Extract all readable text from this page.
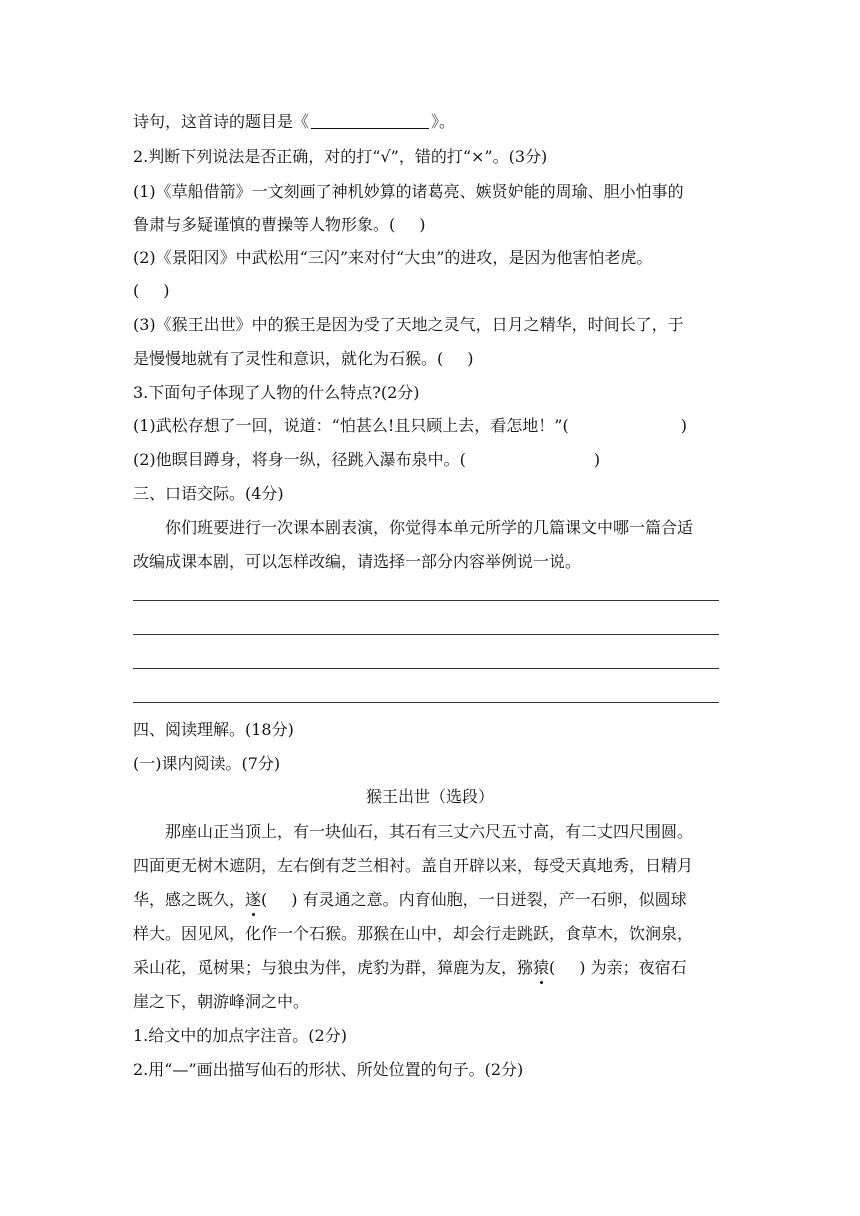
诗句，这首诗的题目是《	》。
2.判断下列说法是否正确，对的打“√”，错的打“×”。(3分)
(1)《草船借箭》一文刻画了神机妙算的诸葛亮、嫉贤妒能的周瑜、胆小怕事的
鲁肃与多疑谨慎的曹操等人物形象。(　 )
(2)《景阳冈》中武松用“三闪”来对付“大虫”的进攻，是因为他害怕老虎。
(　 )
(3)《猴王出世》中的猴王是因为受了天地之灵气，日月之精华，时间长了，于
是慢慢地就有了灵性和意识，就化为石猴。(　 )
3.下面句子体现了人物的什么特点?(2分)
(1)武松存想了一回，说道：“怕甚么!且只顾上去，看怎地！”(　　　　　　　)
(2)他瞑目蹲身，将身一纵，径跳入瀑布泉中。(　　　　　　　　)
三、口语交际。(4分)
你们班要进行一次课本剧表演，你觉得本单元所学的几篇课文中哪一篇合适
改编成课本剧，可以怎样改编，请选择一部分内容举例说一说。
四、阅读理解。(18分)
(一)课内阅读。(7分)
猴王出世（选段）
那座山正当顶上，有一块仙石，其石有三丈六尺五寸高，有二丈四尺围圆。
四面更无树木遮阴，左右倒有芝兰相衬。盖自开辟以来，每受天真地秀，日精月
华，感之既久，遂(　 ) 有灵通之意。内育仙胞，一日迸裂，产一石卵，似圆球
样大。因见风，化作一个石猴。那猴在山中，却会行走跳跃，食草木，饮涧泉，
采山花，觅树果；与狼虫为伴，虎豹为群，獐鹿为友，猕猿(　 ) 为亲；夜宿石
崖之下，朝游峰洞之中。
1.给文中的加点字注音。(2分)
2.用“—”画出描写仙石的形状、所处位置的句子。(2分)
